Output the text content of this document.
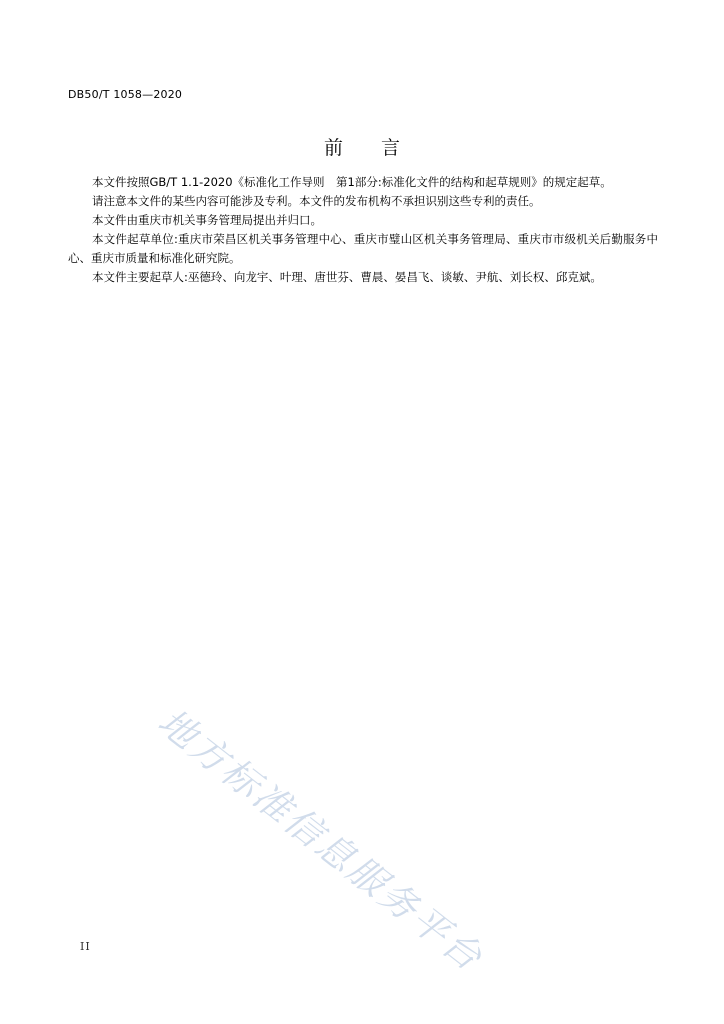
DB50/T 1058—2020
前言

本文件按照GB/T 1.1-2020《标准化工作导则　第1部分:标准化文件的结构和起草规则》的规定起草。

请注意本文件的某些内容可能涉及专利。本文件的发布机构不承担识别这些专利的责任。

本文件由重庆市机关事务管理局提出并归口。

本文件起草单位:重庆市荣昌区机关事务管理中心、重庆市璧山区机关事务管理局、重庆市市级机关后勤服务中心、重庆市质量和标准化研究院。

本文件主要起草人:巫德玲、向龙宇、叶理、唐世芬、曹晨、晏昌飞、谈敏、尹航、刘长权、邱克斌。

地方标准信息服务平台
II
